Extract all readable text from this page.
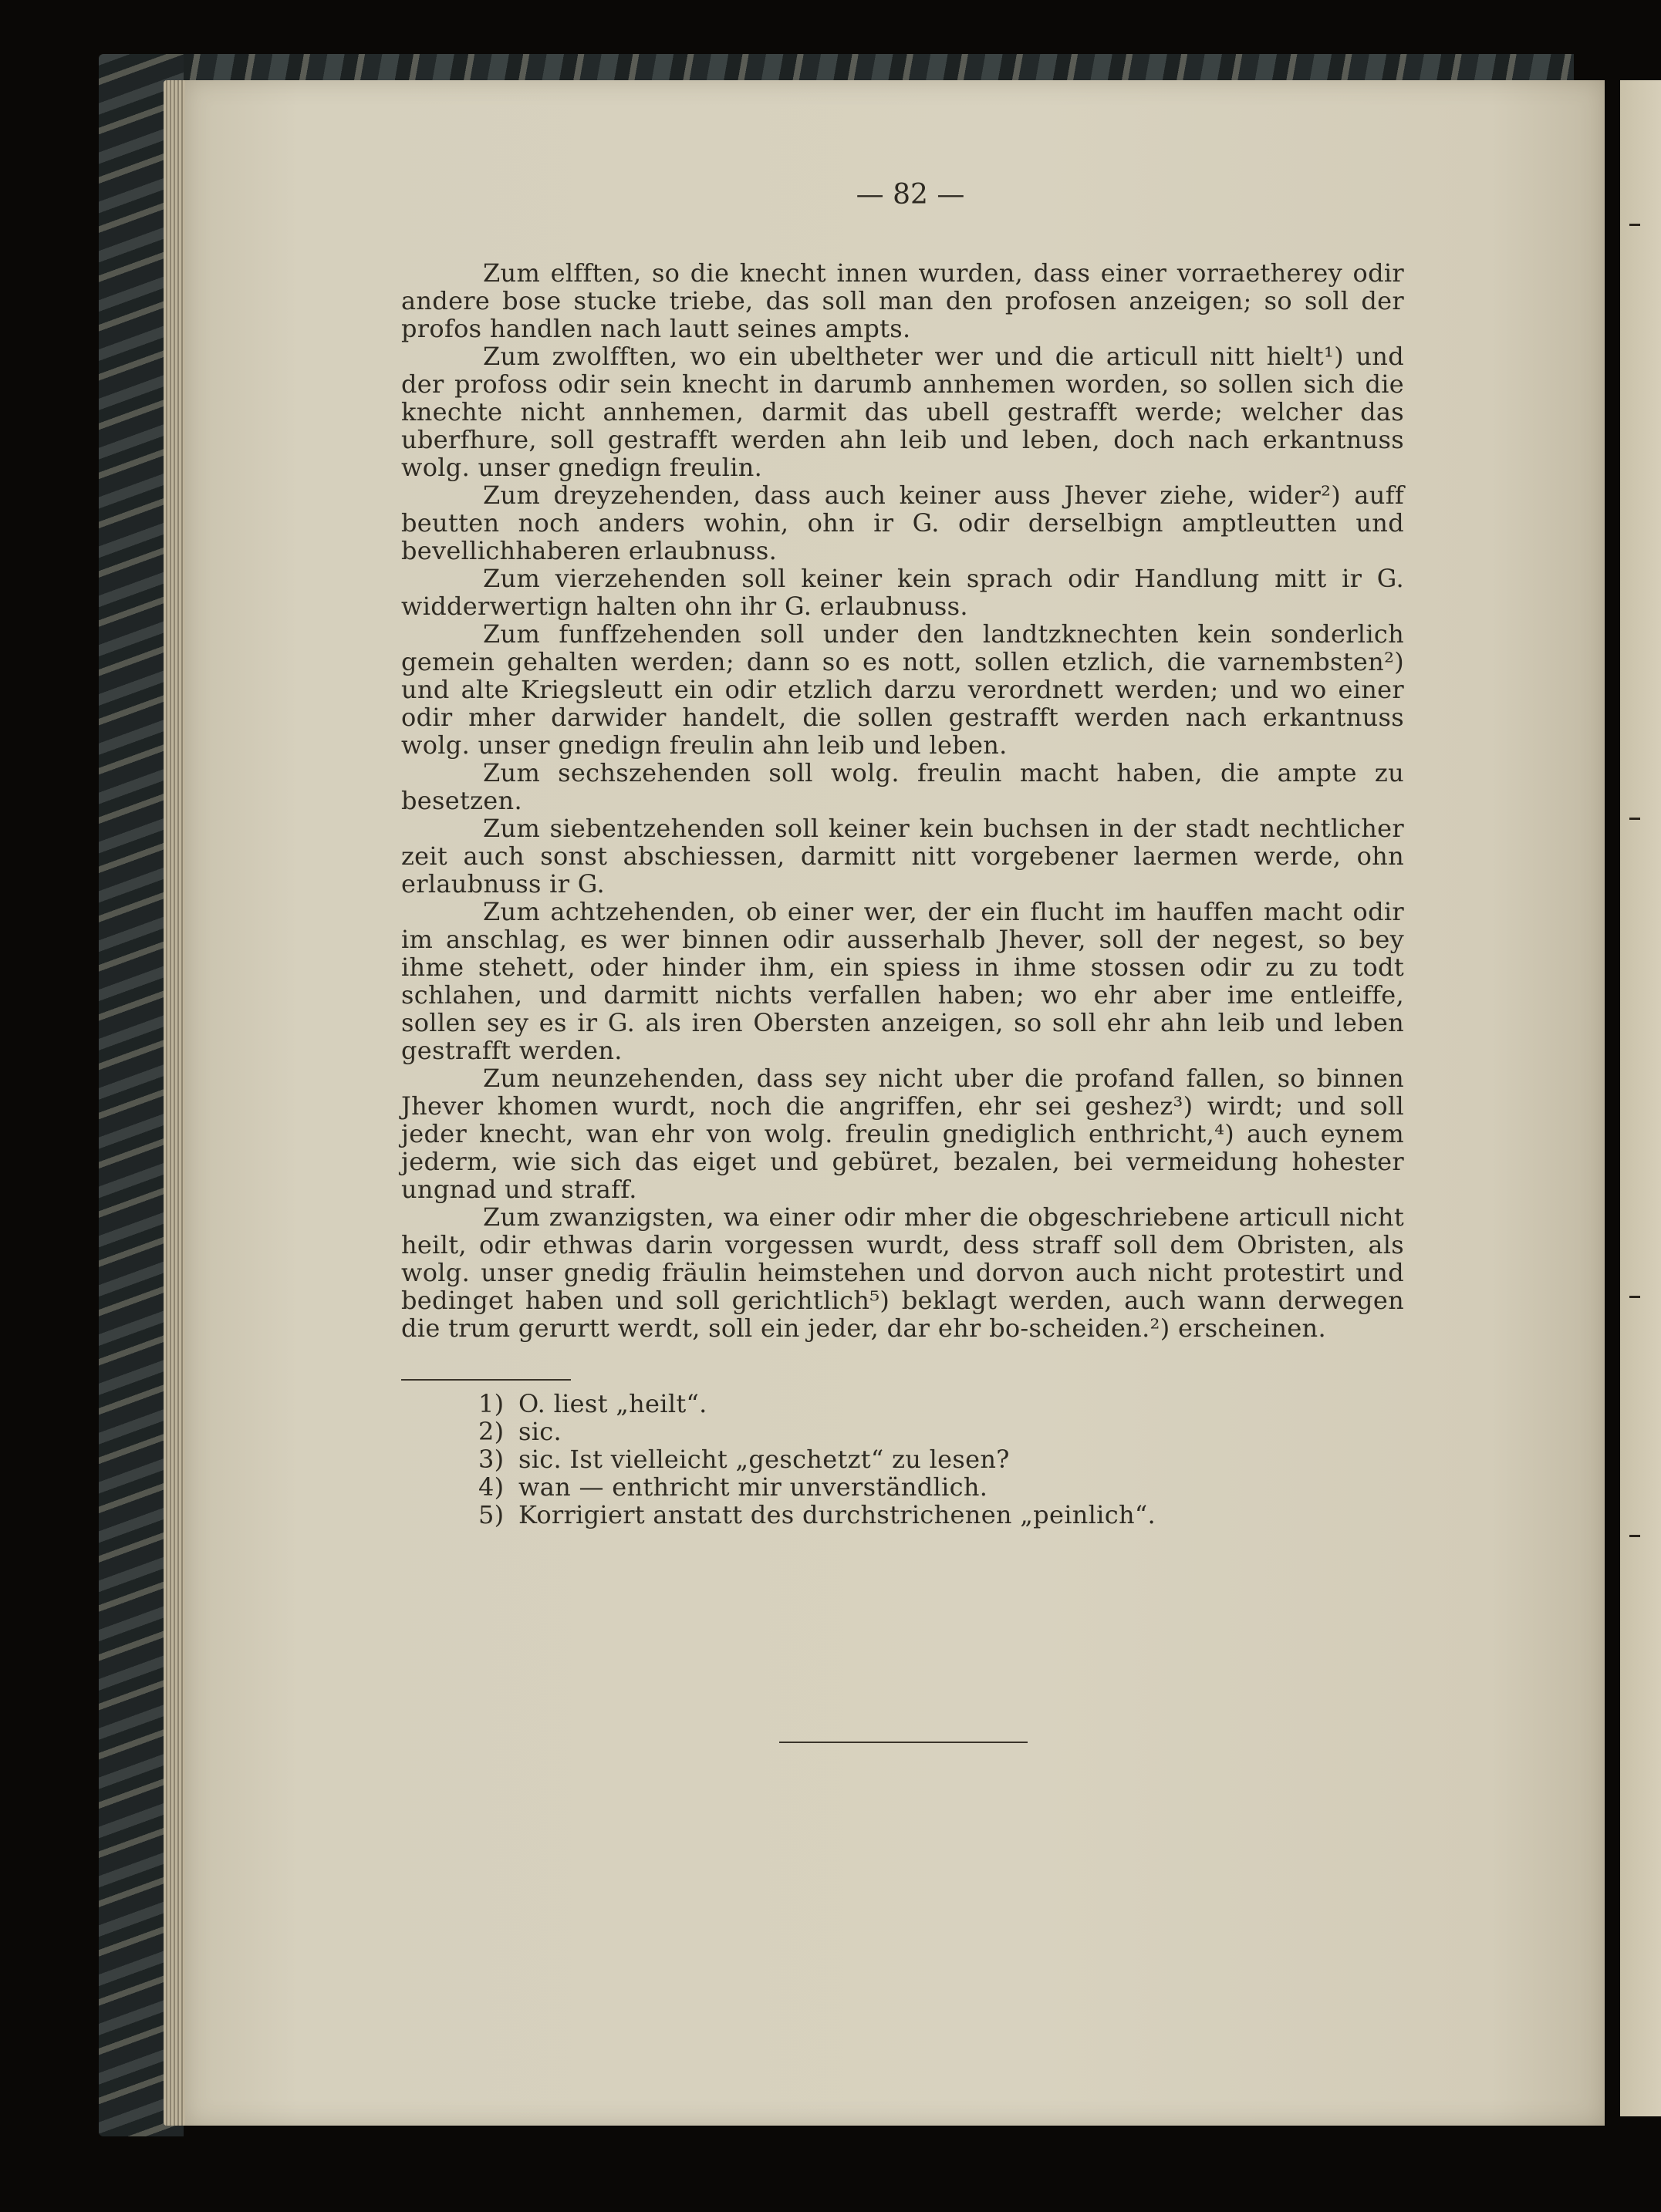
— 82 —

Zum elfften, so die knecht innen wurden, dass einer vorraetherey odir andere bose stucke triebe, das soll man den profosen anzeigen; so soll der profos handlen nach lautt seines ampts.

Zum zwolfften, wo ein ubeltheter wer und die articull nitt hielt¹) und der profoss odir sein knecht in darumb annhemen worden, so sollen sich die knechte nicht annhemen, darmit das ubell gestrafft werde; welcher das uberfhure, soll gestrafft werden ahn leib und leben, doch nach erkantnuss wolg. unser gnedign freulin.

Zum dreyzehenden, dass auch keiner auss Jhever ziehe, wider²) auff beutten noch anders wohin, ohn ir G. odir derselbign amptleutten und bevellichhaberen erlaubnuss.

Zum vierzehenden soll keiner kein sprach odir Handlung mitt ir G. widderwertign halten ohn ihr G. erlaubnuss.

Zum funffzehenden soll under den landtzknechten kein sonderlich gemein gehalten werden; dann so es nott, sollen etzlich, die varnembsten²) und alte Kriegsleutt ein odir etzlich darzu verordnett werden; und wo einer odir mher darwider handelt, die sollen gestrafft werden nach erkantnuss wolg. unser gnedign freulin ahn leib und leben.

Zum sechszehenden soll wolg. freulin macht haben, die ampte zu besetzen.

Zum siebentzehenden soll keiner kein buchsen in der stadt nechtlicher zeit auch sonst abschiessen, darmitt nitt vorgebener laermen werde, ohn erlaubnuss ir G.

Zum achtzehenden, ob einer wer, der ein flucht im hauffen macht odir im anschlag, es wer binnen odir ausserhalb Jhever, soll der negest, so bey ihme stehett, oder hinder ihm, ein spiess in ihme stossen odir zu zu todt schlahen, und darmitt nichts verfallen haben; wo ehr aber ime entleiffe, sollen sey es ir G. als iren Obersten anzeigen, so soll ehr ahn leib und leben gestrafft werden.

Zum neunzehenden, dass sey nicht uber die profand fallen, so binnen Jhever khomen wurdt, noch die angriffen, ehr sei geshez³) wirdt; und soll jeder knecht, wan ehr von wolg. freulin gnediglich enthricht,⁴) auch eynem jederm, wie sich das eiget und gebüret, bezalen, bei vermeidung hohester ungnad und straff.

Zum zwanzigsten, wa einer odir mher die obgeschriebene articull nicht heilt, odir ethwas darin vorgessen wurdt, dess straff soll dem Obristen, als wolg. unser gnedig fräulin heimstehen und dorvon auch nicht protestirt und bedinget haben und soll gerichtlich⁵) beklagt werden, auch wann derwegen die trum gerurtt werdt, soll ein jeder, dar ehr bo-scheiden.²) erscheinen.

1) O. liest „heilt“.

2) sic.

3) sic. Ist vielleicht „geschetzt“ zu lesen?

4) wan — enthricht mir unverständlich.

5) Korrigiert anstatt des durchstrichenen „peinlich“.
